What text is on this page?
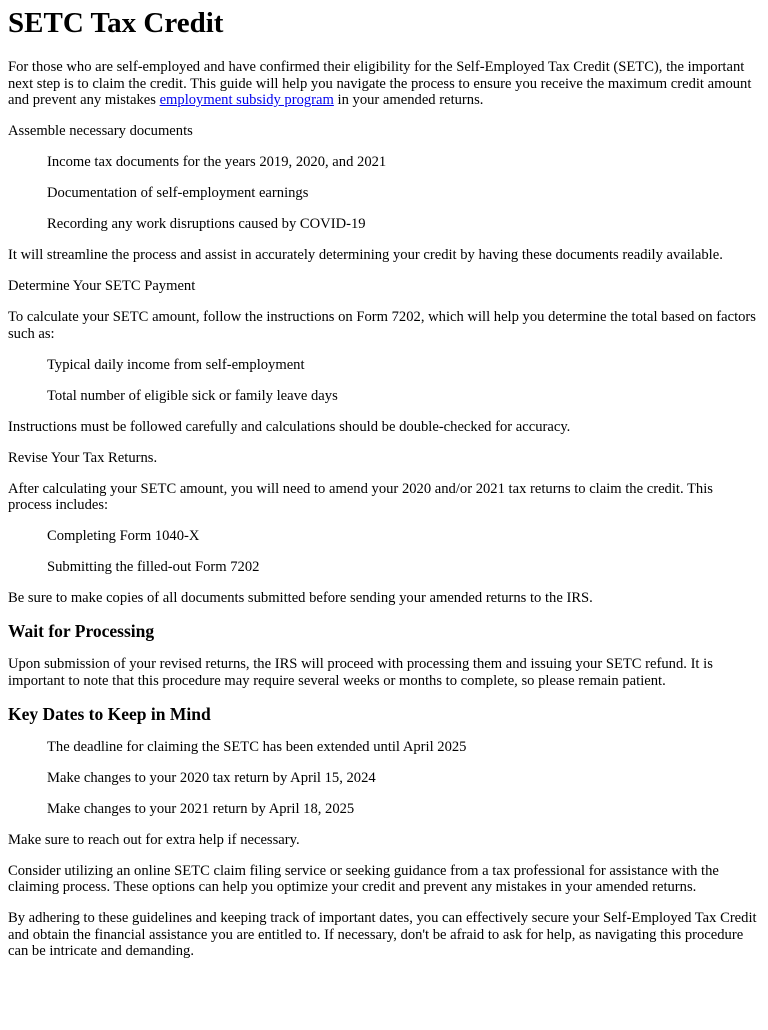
SETC Tax Credit

For those who are self-employed and have confirmed their eligibility for the Self-Employed Tax Credit (SETC), the important next step is to claim the credit. This guide will help you navigate the process to ensure you receive the maximum credit amount and prevent any mistakes employment subsidy program in your amended returns.

Assemble necessary documents

Income tax documents for the years 2019, 2020, and 2021

Documentation of self-employment earnings

Recording any work disruptions caused by COVID-19

It will streamline the process and assist in accurately determining your credit by having these documents readily available.

Determine Your SETC Payment

To calculate your SETC amount, follow the instructions on Form 7202, which will help you determine the total based on factors such as:

Typical daily income from self-employment

Total number of eligible sick or family leave days

Instructions must be followed carefully and calculations should be double-checked for accuracy.

Revise Your Tax Returns.

After calculating your SETC amount, you will need to amend your 2020 and/or 2021 tax returns to claim the credit. This process includes:

Completing Form 1040-X

Submitting the filled-out Form 7202

Be sure to make copies of all documents submitted before sending your amended returns to the IRS.

Wait for Processing

Upon submission of your revised returns, the IRS will proceed with processing them and issuing your SETC refund. It is important to note that this procedure may require several weeks or months to complete, so please remain patient.

Key Dates to Keep in Mind

The deadline for claiming the SETC has been extended until April 2025

Make changes to your 2020 tax return by April 15, 2024

Make changes to your 2021 return by April 18, 2025

Make sure to reach out for extra help if necessary.

Consider utilizing an online SETC claim filing service or seeking guidance from a tax professional for assistance with the claiming process. These options can help you optimize your credit and prevent any mistakes in your amended returns.

By adhering to these guidelines and keeping track of important dates, you can effectively secure your Self-Employed Tax Credit and obtain the financial assistance you are entitled to. If necessary, don't be afraid to ask for help, as navigating this procedure can be intricate and demanding.
